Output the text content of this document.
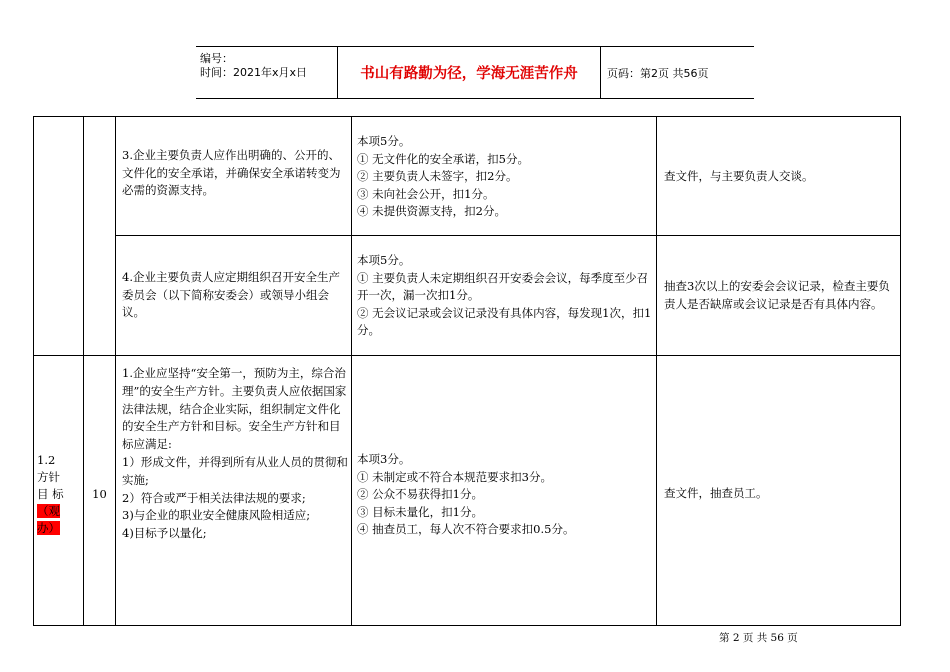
编号：
时间：2021年x月x日	书山有路勤为径，学海无涯苦作舟	页码：第2页 共56页

3.企业主要负责人应作出明确的、公开的、文件化的安全承诺，并确保安全承诺转变为必需的资源支持。

本项5分。

① 无文件化的安全承诺，扣5分。

② 主要负责人未签字，扣2分。

③ 未向社会公开，扣1分。

④ 未提供资源支持，扣2分。

查文件，与主要负责人交谈。

4.企业主要负责人应定期组织召开安全生产委员会（以下简称安委会）或领导小组会议。

本项5分。

① 主要负责人未定期组织召开安委会会议，每季度至少召开一次，漏一次扣1分。

② 无会议记录或会议记录没有具体内容，每发现1次，扣1分。

抽查3次以上的安委会会议记录，检查主要负责人是否缺席或会议记录是否有具体内容。

1.2

方针

目 标

（观办）

10

1.企业应坚持“安全第一，预防为主，综合治理”的安全生产方针。主要负责人应依据国家法律法规，结合企业实际，组织制定文件化的安全生产方针和目标。安全生产方针和目标应满足:

1）形成文件，并得到所有从业人员的贯彻和实施;

2）符合或严于相关法律法规的要求;

3)与企业的职业安全健康风险相适应;

4)目标予以量化;

本项3分。

① 未制定或不符合本规范要求扣3分。

② 公众不易获得扣1分。

③ 目标未量化，扣1分。

④ 抽查员工，每人次不符合要求扣0.5分。

查文件，抽查员工。

第 2 页 共 56 页
